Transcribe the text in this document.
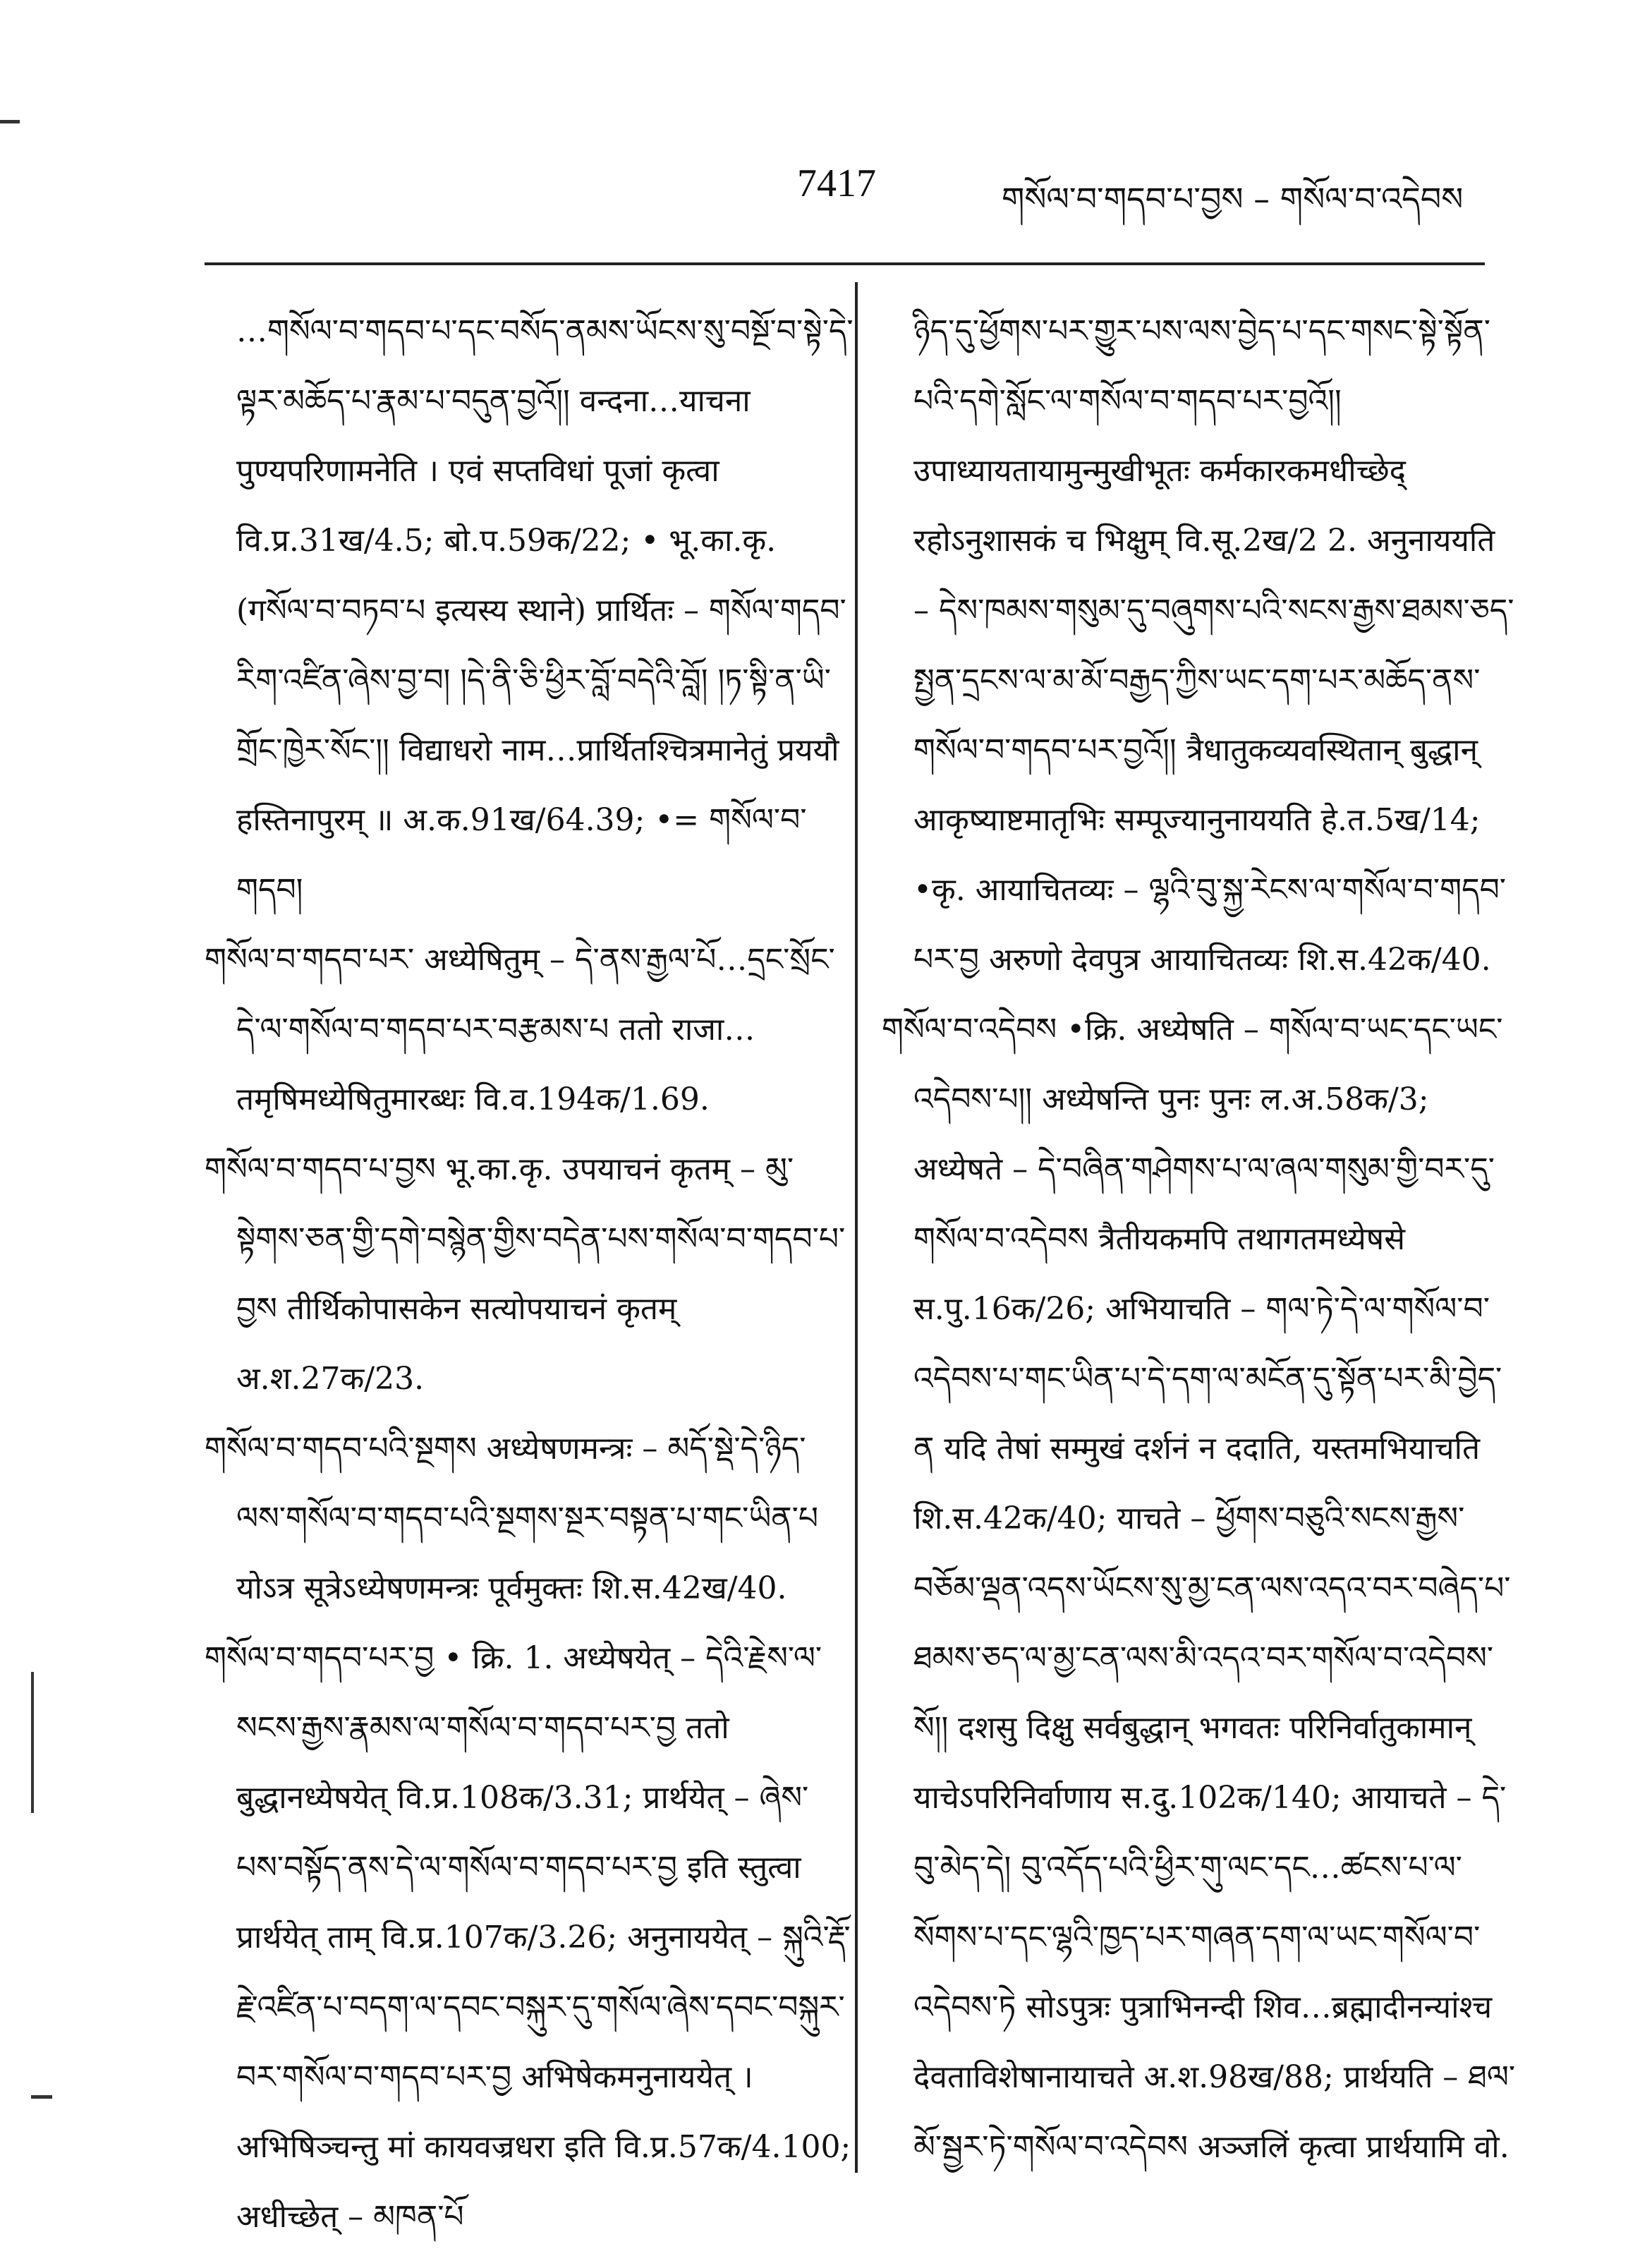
7417	གསོལ་བ་གདབ་པ་བྱས – གསོལ་བ་འདེབས

…གསོལ་བ་གདབ་པ་དང་བསོད་ནམས་ཡོངས་སུ་བསྔོ་བ་སྟེ་དེ་ལྟར་མཆོད་པ་རྣམ་པ་བདུན་བྱའོ།། वन्दना…याचना पुण्यपरिणामनेति । एवं सप्तविधां पूजां कृत्वा वि.प्र.31ख/4.5; बो.प.59क/22; • भू.का.कृ. (गསོལ་བ་བཏབ་པ इत्यस्य स्थाने) प्रार्थितः – གསོལ་གདབ་རིག་འཛིན་ཞེས་བྱ་བ། །དེ་ནི་ཅི་ཕྱིར་བློ་བདེའི་བློ། །ཏ་སྟི་ན་ཡི་གྲོང་ཁྱེར་སོང་།། विद्याधरो नाम…प्रार्थितश्चित्रमानेतुं प्रययौ हस्तिनापुरम् ॥ अ.क.91ख/64.39; •= གསོལ་བ་གདབ།

གསོལ་བ་གདབ་པར་ अध्येषितुम् – དེ་ནས་རྒྱལ་པོ…དྲང་སྲོང་དེ་ལ་གསོལ་བ་གདབ་པར་བརྩམས་པ ततो राजा…तमृषिमध्येषितुमारब्धः वि.व.194क/1.69.

གསོལ་བ་གདབ་པ་བྱས भू.का.कृ. उपयाचनं कृतम् – མུ་སྟེགས་ཅན་གྱི་དགེ་བསྙེན་གྱིས་བདེན་པས་གསོལ་བ་གདབ་པ་བྱས तीर्थिकोपासकेन सत्योपयाचनं कृतम् अ.श.27क/23.

གསོལ་བ་གདབ་པའི་སྔགས अध्येषणमन्त्रः – མདོ་སྡེ་དེ་ཉིད་ལས་གསོལ་བ་གདབ་པའི་སྔགས་སྔར་བསྟན་པ་གང་ཡིན་པ योऽत्र सूत्रेऽध्येषणमन्त्रः पूर्वमुक्तः शि.स.42ख/40.

གསོལ་བ་གདབ་པར་བྱ • क्रि. 1. अध्येषयेत् – དེའི་རྗེས་ལ་སངས་རྒྱས་རྣམས་ལ་གསོལ་བ་གདབ་པར་བྱ ततो बुद्धानध्येषयेत् वि.प्र.108क/3.31; प्रार्थयेत् – ཞེས་པས་བསྟོད་ནས་དེ་ལ་གསོལ་བ་གདབ་པར་བྱ इति स्तुत्वा प्रार्थयेत् ताम् वि.प्र.107क/3.26; अनुनाययेत् – སྐུའི་རྡོ་རྗེ་འཛིན་པ་བདག་ལ་དབང་བསྐུར་དུ་གསོལ་ཞེས་དབང་བསྐུར་བར་གསོལ་བ་གདབ་པར་བྱ अभिषेकमनुनाययेत् । अभिषिञ्चन्तु मां कायवज्रधरा इति वि.प्र.57क/4.100; अधीच्छेत् – མཁན་པོ

ཉིད་དུ་ཕྱོགས་པར་གྱུར་པས་ལས་བྱེད་པ་དང་གསང་སྟེ་སྟོན་པའི་དགེ་སློང་ལ་གསོལ་བ་གདབ་པར་བྱའོ།། उपाध्यायतायामुन्मुखीभूतः कर्मकारकमधीच्छेद् रहोऽनुशासकं च भिक्षुम् वि.सू.2ख/2 2. अनुनाययति – དེས་ཁམས་གསུམ་དུ་བཞུགས་པའི་སངས་རྒྱས་ཐམས་ཅད་སྤྱན་དྲངས་ལ་མ་མོ་བརྒྱད་ཀྱིས་ཡང་དག་པར་མཆོད་ནས་གསོལ་བ་གདབ་པར་བྱའོ།། त्रैधातुकव्यवस्थितान् बुद्धान् आकृष्याष्टमातृभिः सम्पूज्यानुनाययति हे.त.5ख/14; •कृ. आयाचितव्यः – ལྷའི་བུ་སྐྱ་རེངས་ལ་གསོལ་བ་གདབ་པར་བྱ अरुणो देवपुत्र आयाचितव्यः शि.स.42क/40.

གསོལ་བ་འདེབས •क्रि. अध्येषति – གསོལ་བ་ཡང་དང་ཡང་འདེབས་པ།། अध्येषन्ति पुनः पुनः ल.अ.58क/3; अध्येषते – དེ་བཞིན་གཤེགས་པ་ལ་ཞལ་གསུམ་གྱི་བར་དུ་གསོལ་བ་འདེབས त्रैतीयकमपि तथागतमध्येषसे स.पु.16क/26; अभियाचति – གལ་ཏེ་དེ་ལ་གསོལ་བ་འདེབས་པ་གང་ཡིན་པ་དེ་དག་ལ་མངོན་དུ་སྟོན་པར་མི་བྱེད་ན यदि तेषां सम्मुखं दर्शनं न ददाति, यस्तमभियाचति शि.स.42क/40; याचते – ཕྱོགས་བཅུའི་སངས་རྒྱས་བཅོམ་ལྡན་འདས་ཡོངས་སུ་མྱ་ངན་ལས་འདའ་བར་བཞེད་པ་ཐམས་ཅད་ལ་མྱ་ངན་ལས་མི་འདའ་བར་གསོལ་བ་འདེབས་སོ།། दशसु दिक्षु सर्वबुद्धान् भगवतः परिनिर्वातुकामान् याचेऽपरिनिर्वाणाय स.दु.102क/140; आयाचते – དེ་བུ་མེད་དེ། བུ་འདོད་པའི་ཕྱིར་གུ་ལང་དང…ཚངས་པ་ལ་སོགས་པ་དང་ལྷའི་ཁྱད་པར་གཞན་དག་ལ་ཡང་གསོལ་བ་འདེབས་ཏེ सोऽपुत्रः पुत्राभिनन्दी शिव…ब्रह्मादीनन्यांश्च देवताविशेषानायाचते अ.श.98ख/88; प्रार्थयति – ཐལ་མོ་སྦྱར་ཏེ་གསོལ་བ་འདེབས अञ्जलिं कृत्वा प्रार्थयामि वो.
